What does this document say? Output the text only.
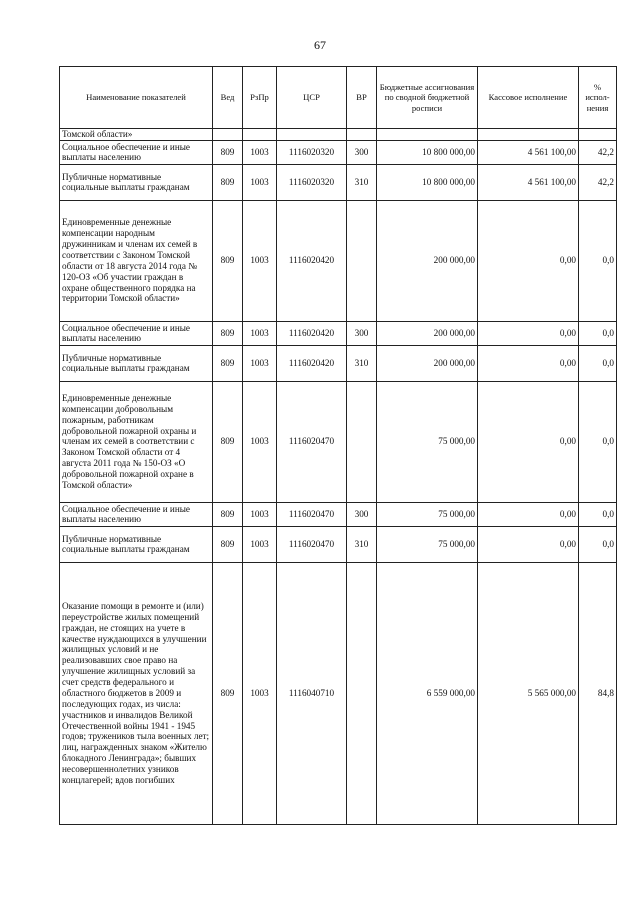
67
Наименование показателей	Вед	РзПр	ЦСР	ВР	Бюджетные ассигнования по сводной бюджетной росписи	Кассовое исполнение	% испол-нения
Томской области»							
Социальное обеспечение и иные выплаты населению	809	1003	1116020320	300	10 800 000,00	4 561 100,00	42,2
Публичные нормативные социальные выплаты гражданам	809	1003	1116020320	310	10 800 000,00	4 561 100,00	42,2
Единовременные денежные компенсации народным дружинникам и членам их семей в соответствии с Законом Томской области от 18 августа 2014 года № 120-ОЗ «Об участии граждан в охране общественного порядка на территории Томской области»	809	1003	1116020420		200 000,00	0,00	0,0
Социальное обеспечение и иные выплаты населению	809	1003	1116020420	300	200 000,00	0,00	0,0
Публичные нормативные социальные выплаты гражданам	809	1003	1116020420	310	200 000,00	0,00	0,0
Единовременные денежные компенсации добровольным пожарным, работникам добровольной пожарной охраны и членам их семей в соответствии с Законом Томской области от 4 августа 2011 года № 150-ОЗ «О добровольной пожарной охране в Томской области»	809	1003	1116020470		75 000,00	0,00	0,0
Социальное обеспечение и иные выплаты населению	809	1003	1116020470	300	75 000,00	0,00	0,0
Публичные нормативные социальные выплаты гражданам	809	1003	1116020470	310	75 000,00	0,00	0,0
Оказание помощи в ремонте и (или) переустройстве жилых помещений граждан, не стоящих на учете в качестве нуждающихся в улучшении жилищных условий и не реализовавших свое право на улучшение жилищных условий за счет средств федерального и областного бюджетов в 2009 и последующих годах, из числа: участников и инвалидов Великой Отечественной войны 1941 - 1945 годов; тружеников тыла военных лет; лиц, награжденных знаком «Жителю блокадного Ленинграда»; бывших несовершеннолетних узников концлагерей; вдов погибших	809	1003	1116040710		6 559 000,00	5 565 000,00	84,8
